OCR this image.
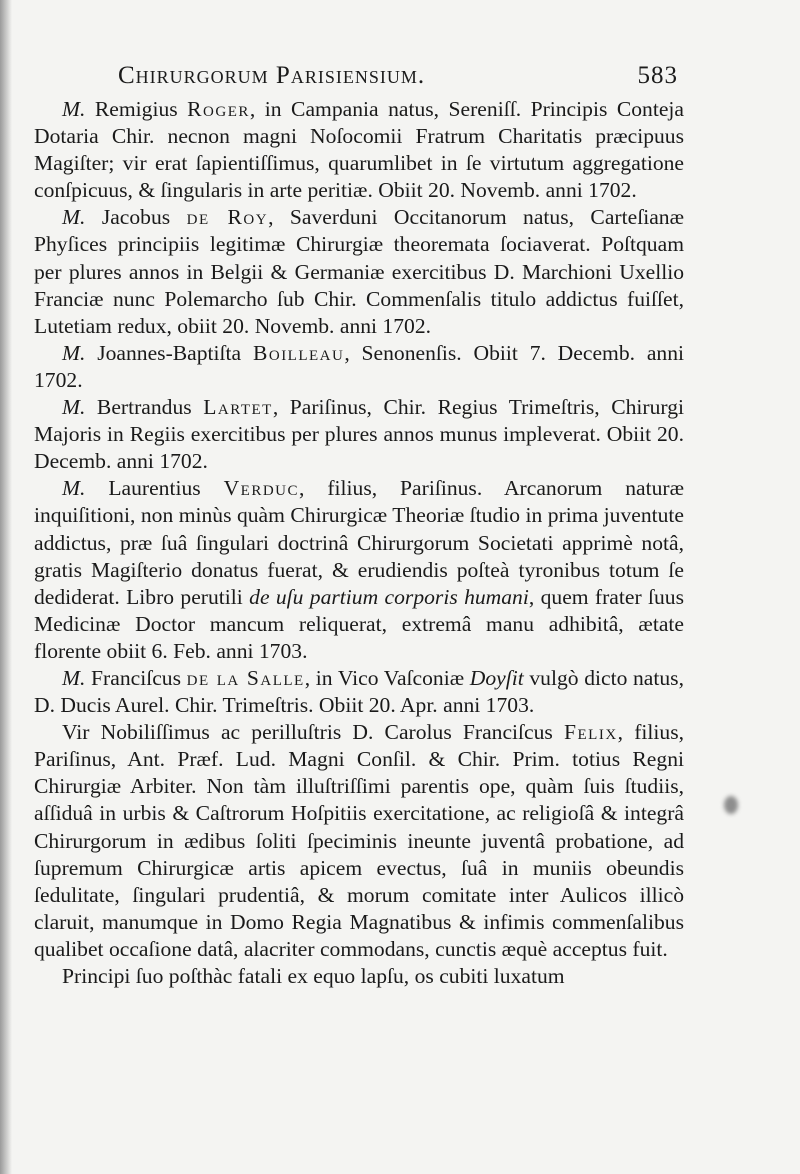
Chirurgorum Parisiensium.	583

M. Remigius Roger, in Campania natus, Sereniſſ. Principis Conteja Dotaria Chir. necnon magni Noſocomii Fratrum Charitatis præcipuus Magiſter; vir erat ſapientiſſimus, quarumlibet in ſe virtutum aggregatione conſpicuus, & ſingularis in arte peritiæ. Obiit 20. Novemb. anni 1702.

M. Jacobus de Roy, Saverduni Occitanorum natus, Carteſianæ Phyſices principiis legitimæ Chirurgiæ theoremata ſociaverat. Poſtquam per plures annos in Belgii & Germaniæ exercitibus D. Marchioni Uxellio Franciæ nunc Polemarcho ſub Chir. Commenſalis titulo addictus fuiſſet, Lutetiam redux, obiit 20. Novemb. anni 1702.

M. Joannes-Baptiſta Boilleau, Senonenſis. Obiit 7. Decemb. anni 1702.

M. Bertrandus Lartet, Pariſinus, Chir. Regius Trimeſtris, Chirurgi Majoris in Regiis exercitibus per plures annos munus impleverat. Obiit 20. Decemb. anni 1702.

M. Laurentius Verduc, filius, Pariſinus. Arcanorum naturæ inquiſitioni, non minùs quàm Chirurgicæ Theoriæ ſtudio in prima juventute addictus, præ ſuâ ſingulari doctrinâ Chirurgorum Societati apprimè notâ, gratis Magiſterio donatus fuerat, & erudiendis poſteà tyronibus totum ſe dediderat. Libro perutili de uſu partium corporis humani, quem frater ſuus Medicinæ Doctor mancum reliquerat, extremâ manu adhibitâ, ætate florente obiit 6. Feb. anni 1703.

M. Franciſcus de la Salle, in Vico Vaſconiæ Doyſit vulgò dicto natus, D. Ducis Aurel. Chir. Trimeſtris. Obiit 20. Apr. anni 1703.

Vir Nobiliſſimus ac perilluſtris D. Carolus Franciſcus Felix, filius, Pariſinus, Ant. Præf. Lud. Magni Conſil. & Chir. Prim. totius Regni Chirurgiæ Arbiter. Non tàm illuſtriſſimi parentis ope, quàm ſuis ſtudiis, aſſiduâ in urbis & Caſtrorum Hoſpitiis exercitatione, ac religioſâ & integrâ Chirurgorum in ædibus ſoliti ſpeciminis ineunte juventâ probatione, ad ſupremum Chirurgicæ artis apicem evectus, ſuâ in muniis obeundis ſedulitate, ſingulari prudentiâ, & morum comitate inter Aulicos illicò claruit, manumque in Domo Regia Magnatibus & infimis commenſalibus qualibet occaſione datâ, alacriter commodans, cunctis æquè acceptus fuit.

Principi ſuo poſthàc fatali ex equo lapſu, os cubiti luxatum
